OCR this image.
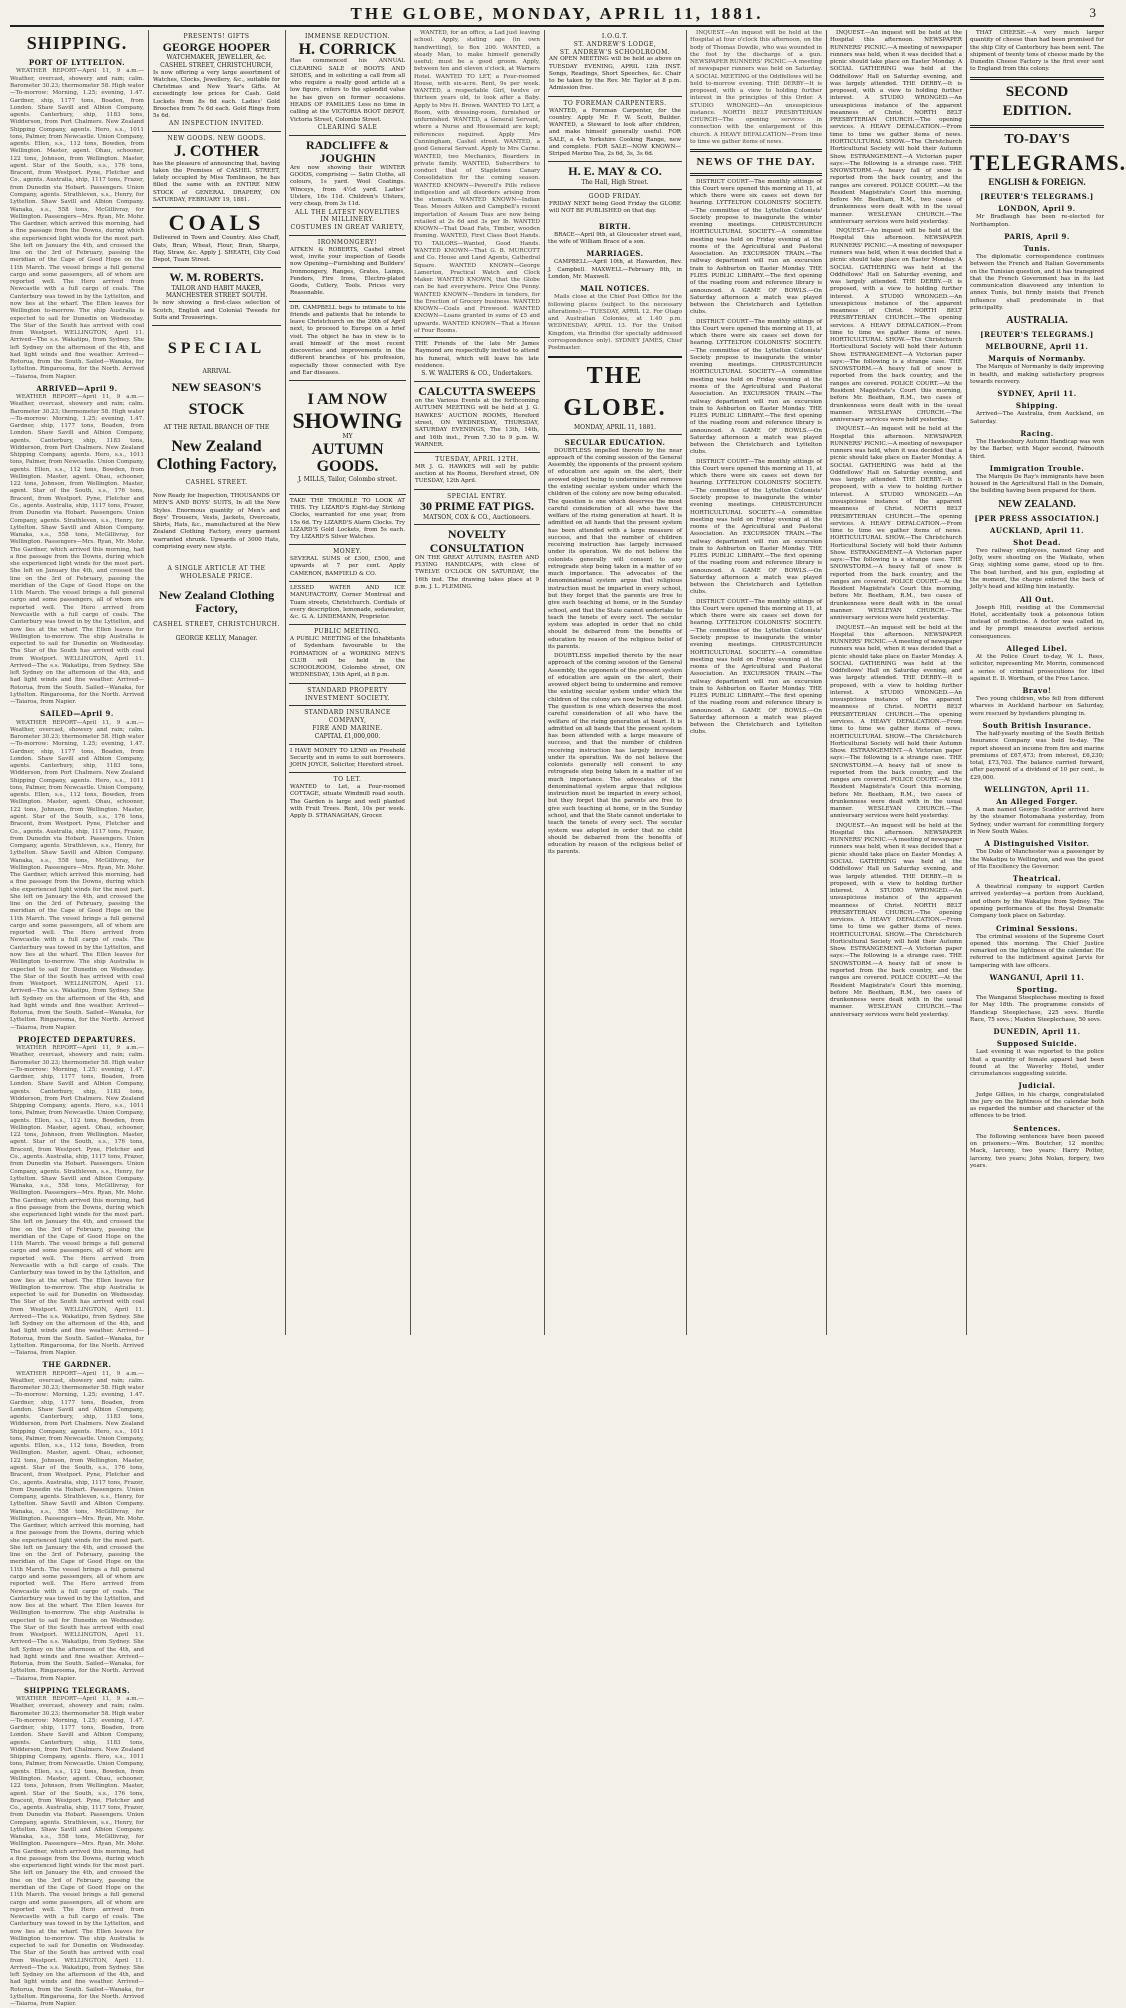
THE GLOBE, MONDAY, APRIL 11, 1881.	3
SHIPPING.
PORT OF LYTTELTON.
WEATHER REPORT—April 11, 9 a.m.—Weather, overcast, showery and rain; calm. Barometer 30.23; thermometer 58. High water—To-morrow: Morning, 1.25; evening, 1.47. Gardner, ship, 1177 tons, Boaden, from London. Shaw Savill and Albion Company, agents. Canterbury, ship, 1183 tons, Widderson, from Port Chalmers. New Zealand Shipping Company, agents. Hero, s.s., 1011 tons, Palmer, from Newcastle. Union Company, agents. Ellen, s.s., 112 tons, Bowden, from Wellington. Master, agent. Ohau, schooner, 122 tons, Johnson, from Wellington. Master, agent. Star of the South, s.s., 176 tons, Bracent, from Westport. Pyne, Fletcher and Co., agents. Australia, ship, 1117 tons, Frazer, from Dunedin via Hobart. Passengers. Union Company, agents. Strathleven, s.s., Henry, for Lyttelton. Shaw Savill and Albion Company. Wanaka, s.s., 558 tons, McGillivray, for Wellington. Passengers—Mrs. Ryan, Mr. Mohr. The Gardner, which arrived this morning, had a fine passage from the Downs, during which she experienced light winds for the most part. She left on January the 4th, and crossed the line on the 3rd of February, passing the meridian of the Cape of Good Hope on the 11th March. The vessel brings a full general cargo and some passengers, all of whom are reported well. The Hero arrived from Newcastle with a full cargo of coals. The Canterbury was towed in by the Lyttelton, and now lies at the wharf. The Ellen leaves for Wellington to-morrow. The ship Australia is expected to sail for Dunedin on Wednesday. The Star of the South has arrived with coal from Westport. WELLINGTON, April 11. Arrived—The s.s. Wakatipu, from Sydney. She left Sydney on the afternoon of the 4th, and had light winds and fine weather. Arrived—Rotorua, from the South. Sailed—Wanaka, for Lyttelton. Ringarooma, for the North. Arrived—Taiaroa, from Napier.
ARRIVED—April 9.
WEATHER REPORT—April 11, 9 a.m.—Weather, overcast, showery and rain; calm. Barometer 30.23; thermometer 58. High water—To-morrow: Morning, 1.25; evening, 1.47. Gardner, ship, 1177 tons, Boaden, from London. Shaw Savill and Albion Company, agents. Canterbury, ship, 1183 tons, Widderson, from Port Chalmers. New Zealand Shipping Company, agents. Hero, s.s., 1011 tons, Palmer, from Newcastle. Union Company, agents. Ellen, s.s., 112 tons, Bowden, from Wellington. Master, agent. Ohau, schooner, 122 tons, Johnson, from Wellington. Master, agent. Star of the South, s.s., 176 tons, Bracent, from Westport. Pyne, Fletcher and Co., agents. Australia, ship, 1117 tons, Frazer, from Dunedin via Hobart. Passengers. Union Company, agents. Strathleven, s.s., Henry, for Lyttelton. Shaw Savill and Albion Company. Wanaka, s.s., 558 tons, McGillivray, for Wellington. Passengers—Mrs. Ryan, Mr. Mohr. The Gardner, which arrived this morning, had a fine passage from the Downs, during which she experienced light winds for the most part. She left on January the 4th, and crossed the line on the 3rd of February, passing the meridian of the Cape of Good Hope on the 11th March. The vessel brings a full general cargo and some passengers, all of whom are reported well. The Hero arrived from Newcastle with a full cargo of coals. The Canterbury was towed in by the Lyttelton, and now lies at the wharf. The Ellen leaves for Wellington to-morrow. The ship Australia is expected to sail for Dunedin on Wednesday. The Star of the South has arrived with coal from Westport. WELLINGTON, April 11. Arrived—The s.s. Wakatipu, from Sydney. She left Sydney on the afternoon of the 4th, and had light winds and fine weather. Arrived—Rotorua, from the South. Sailed—Wanaka, for Lyttelton. Ringarooma, for the North. Arrived—Taiaroa, from Napier.
SAILED—April 9.
WEATHER REPORT—April 11, 9 a.m.—Weather, overcast, showery and rain; calm. Barometer 30.23; thermometer 58. High water—To-morrow: Morning, 1.25; evening, 1.47. Gardner, ship, 1177 tons, Boaden, from London. Shaw Savill and Albion Company, agents. Canterbury, ship, 1183 tons, Widderson, from Port Chalmers. New Zealand Shipping Company, agents. Hero, s.s., 1011 tons, Palmer, from Newcastle. Union Company, agents. Ellen, s.s., 112 tons, Bowden, from Wellington. Master, agent. Ohau, schooner, 122 tons, Johnson, from Wellington. Master, agent. Star of the South, s.s., 176 tons, Bracent, from Westport. Pyne, Fletcher and Co., agents. Australia, ship, 1117 tons, Frazer, from Dunedin via Hobart. Passengers. Union Company, agents. Strathleven, s.s., Henry, for Lyttelton. Shaw Savill and Albion Company. Wanaka, s.s., 558 tons, McGillivray, for Wellington. Passengers—Mrs. Ryan, Mr. Mohr. The Gardner, which arrived this morning, had a fine passage from the Downs, during which she experienced light winds for the most part. She left on January the 4th, and crossed the line on the 3rd of February, passing the meridian of the Cape of Good Hope on the 11th March. The vessel brings a full general cargo and some passengers, all of whom are reported well. The Hero arrived from Newcastle with a full cargo of coals. The Canterbury was towed in by the Lyttelton, and now lies at the wharf. The Ellen leaves for Wellington to-morrow. The ship Australia is expected to sail for Dunedin on Wednesday. The Star of the South has arrived with coal from Westport. WELLINGTON, April 11. Arrived—The s.s. Wakatipu, from Sydney. She left Sydney on the afternoon of the 4th, and had light winds and fine weather. Arrived—Rotorua, from the South. Sailed—Wanaka, for Lyttelton. Ringarooma, for the North. Arrived—Taiaroa, from Napier.
PROJECTED DEPARTURES.
WEATHER REPORT—April 11, 9 a.m.—Weather, overcast, showery and rain; calm. Barometer 30.23; thermometer 58. High water—To-morrow: Morning, 1.25; evening, 1.47. Gardner, ship, 1177 tons, Boaden, from London. Shaw Savill and Albion Company, agents. Canterbury, ship, 1183 tons, Widderson, from Port Chalmers. New Zealand Shipping Company, agents. Hero, s.s., 1011 tons, Palmer, from Newcastle. Union Company, agents. Ellen, s.s., 112 tons, Bowden, from Wellington. Master, agent. Ohau, schooner, 122 tons, Johnson, from Wellington. Master, agent. Star of the South, s.s., 176 tons, Bracent, from Westport. Pyne, Fletcher and Co., agents. Australia, ship, 1117 tons, Frazer, from Dunedin via Hobart. Passengers. Union Company, agents. Strathleven, s.s., Henry, for Lyttelton. Shaw Savill and Albion Company. Wanaka, s.s., 558 tons, McGillivray, for Wellington. Passengers—Mrs. Ryan, Mr. Mohr. The Gardner, which arrived this morning, had a fine passage from the Downs, during which she experienced light winds for the most part. She left on January the 4th, and crossed the line on the 3rd of February, passing the meridian of the Cape of Good Hope on the 11th March. The vessel brings a full general cargo and some passengers, all of whom are reported well. The Hero arrived from Newcastle with a full cargo of coals. The Canterbury was towed in by the Lyttelton, and now lies at the wharf. The Ellen leaves for Wellington to-morrow. The ship Australia is expected to sail for Dunedin on Wednesday. The Star of the South has arrived with coal from Westport. WELLINGTON, April 11. Arrived—The s.s. Wakatipu, from Sydney. She left Sydney on the afternoon of the 4th, and had light winds and fine weather. Arrived—Rotorua, from the South. Sailed—Wanaka, for Lyttelton. Ringarooma, for the North. Arrived—Taiaroa, from Napier.
THE GARDNER.
WEATHER REPORT—April 11, 9 a.m.—Weather, overcast, showery and rain; calm. Barometer 30.23; thermometer 58. High water—To-morrow: Morning, 1.25; evening, 1.47. Gardner, ship, 1177 tons, Boaden, from London. Shaw Savill and Albion Company, agents. Canterbury, ship, 1183 tons, Widderson, from Port Chalmers. New Zealand Shipping Company, agents. Hero, s.s., 1011 tons, Palmer, from Newcastle. Union Company, agents. Ellen, s.s., 112 tons, Bowden, from Wellington. Master, agent. Ohau, schooner, 122 tons, Johnson, from Wellington. Master, agent. Star of the South, s.s., 176 tons, Bracent, from Westport. Pyne, Fletcher and Co., agents. Australia, ship, 1117 tons, Frazer, from Dunedin via Hobart. Passengers. Union Company, agents. Strathleven, s.s., Henry, for Lyttelton. Shaw Savill and Albion Company. Wanaka, s.s., 558 tons, McGillivray, for Wellington. Passengers—Mrs. Ryan, Mr. Mohr. The Gardner, which arrived this morning, had a fine passage from the Downs, during which she experienced light winds for the most part. She left on January the 4th, and crossed the line on the 3rd of February, passing the meridian of the Cape of Good Hope on the 11th March. The vessel brings a full general cargo and some passengers, all of whom are reported well. The Hero arrived from Newcastle with a full cargo of coals. The Canterbury was towed in by the Lyttelton, and now lies at the wharf. The Ellen leaves for Wellington to-morrow. The ship Australia is expected to sail for Dunedin on Wednesday. The Star of the South has arrived with coal from Westport. WELLINGTON, April 11. Arrived—The s.s. Wakatipu, from Sydney. She left Sydney on the afternoon of the 4th, and had light winds and fine weather. Arrived—Rotorua, from the South. Sailed—Wanaka, for Lyttelton. Ringarooma, for the North. Arrived—Taiaroa, from Napier.
SHIPPING TELEGRAMS.
WEATHER REPORT—April 11, 9 a.m.—Weather, overcast, showery and rain; calm. Barometer 30.23; thermometer 58. High water—To-morrow: Morning, 1.25; evening, 1.47. Gardner, ship, 1177 tons, Boaden, from London. Shaw Savill and Albion Company, agents. Canterbury, ship, 1183 tons, Widderson, from Port Chalmers. New Zealand Shipping Company, agents. Hero, s.s., 1011 tons, Palmer, from Newcastle. Union Company, agents. Ellen, s.s., 112 tons, Bowden, from Wellington. Master, agent. Ohau, schooner, 122 tons, Johnson, from Wellington. Master, agent. Star of the South, s.s., 176 tons, Bracent, from Westport. Pyne, Fletcher and Co., agents. Australia, ship, 1117 tons, Frazer, from Dunedin via Hobart. Passengers. Union Company, agents. Strathleven, s.s., Henry, for Lyttelton. Shaw Savill and Albion Company. Wanaka, s.s., 558 tons, McGillivray, for Wellington. Passengers—Mrs. Ryan, Mr. Mohr. The Gardner, which arrived this morning, had a fine passage from the Downs, during which she experienced light winds for the most part. She left on January the 4th, and crossed the line on the 3rd of February, passing the meridian of the Cape of Good Hope on the 11th March. The vessel brings a full general cargo and some passengers, all of whom are reported well. The Hero arrived from Newcastle with a full cargo of coals. The Canterbury was towed in by the Lyttelton, and now lies at the wharf. The Ellen leaves for Wellington to-morrow. The ship Australia is expected to sail for Dunedin on Wednesday. The Star of the South has arrived with coal from Westport. WELLINGTON, April 11. Arrived—The s.s. Wakatipu, from Sydney. She left Sydney on the afternoon of the 4th, and had light winds and fine weather. Arrived—Rotorua, from the South. Sailed—Wanaka, for Lyttelton. Ringarooma, for the North. Arrived—Taiaroa, from Napier.
PRESENTS! GIFTS
GEORGE HOOPER
WATCHMAKER, JEWELLER, &c.
CASHEL STREET, CHRISTCHURCH,
Is now offering a very large assortment of Watches, Clocks, Jewellery, &c., suitable for Christmas and New Year's Gifts. At exceedingly low prices for Cash. Gold Lockets from 8s 6d each. Ladies' Gold Brooches from 7s 6d each. Gold Rings from 5s 6d.
AN INSPECTION INVITED.
NEW GOODS. NEW GOODS.
J. COTHER
has the pleasure of announcing that, having taken the Premises of CASHEL STREET, lately occupied by Miss Tomlinson, he has filled the same with an ENTIRE NEW STOCK of GENERAL DRAPERY, ON SATURDAY, FEBRUARY 19, 1881.
COALS
Delivered in Town and Country. Also Chaff, Oats, Bran, Wheat, Flour, Bran, Sharps, Hay, Straw, &c. Apply J. SHEATH, City Coal Depot, Tuam Street.
W. M. ROBERTS.
TAILOR AND HABIT MAKER, MANCHESTER STREET SOUTH.
Is now showing a first-class selection of Scotch, English and Colonial Tweeds for Suits and Trouserings.
SPECIAL
ARRIVAL
NEW SEASON'S
STOCK
AT THE RETAIL BRANCH OF THE
New Zealand
Clothing Factory,
CASHEL STREET.
Now Ready for Inspection, THOUSANDS OF MEN'S AND BOYS' SUITS, In all the New Styles. Enormous quantity of Men's and Boys' Trousers, Vests, Jackets, Overcoats, Shirts, Hats, &c., manufactured at the New Zealand Clothing Factory, every garment warranted shrunk. Upwards of 3000 Hats, comprising every new style.
A SINGLE ARTICLE AT THE WHOLESALE PRICE.
New Zealand Clothing
Factory,
CASHEL STREET, CHRISTCHURCH.
GEORGE KELLY, Manager.
IMMENSE REDUCTION.
H. CORRICK
Has commenced his ANNUAL CLEARING SALE of BOOTS AND SHOES, and in soliciting a call from all who require a really good article at a low figure, refers to the splendid value he has given on former occasions. HEADS OF FAMILIES Less no time in calling at the VICTORIA BOOT DEPOT, Victoria Street, Colombo Street.
CLEARING SALE
RADCLIFFE & JOUGHIN
Are now showing their WINTER GOODS, comprising — Satin Cloths, all colours, 1s yard. Wool Coatings. Winceys, from 4½d yard. Ladies' Ulsters, 16s 11d. Children's Ulsters, very cheap, from 3s 11d.
ALL THE LATEST NOVELTIES IN MILLINERY.
COSTUMES IN GREAT VARIETY,
IRONMONGERY!
AITKEN & ROBERTS, Cashel street west, invite your inspection of Goods now Opening—Furnishing and Builders' Ironmongery, Ranges, Grates, Lamps, Fenders, Fire Irons, Electro-plated Goods, Cutlery, Tools. Prices very Reasonable.
DR. CAMPBELL begs to intimate to his friends and patients that he intends to leave Christchurch on the 20th of April next, to proceed to Europe on a brief visit. The object he has in view is to avail himself of the most recent discoveries and improvements in the different branches of his profession, especially those connected with Eye and Ear diseases.
I AM NOW
SHOWING
MY
AUTUMN GOODS.
J. MILLS, Tailor, Colombo street.
TAKE THE TROUBLE TO LOOK AT THIS. Try LIZARD'S Eight-day Striking Clocks, warranted for one year, from 15s 6d. Try LIZARD'S Alarm Clocks. Try LIZARD'S Gold Lockets, from 5s each. Try LIZARD'S Silver Watches.
MONEY.
SEVERAL SUMS of £300, £500, and upwards at 7 per cent. Apply CAMERON, BAMFIELD & CO.
LESSED WATER AND ICE MANUFACTORY, Corner Montreal and Tuam streets, Christchurch. Cordials of every description, lemonade, sodawater, &c. G. A. LINDEMANN, Proprietor.
PUBLIC MEETING.
A PUBLIC MEETING of the Inhabitants of Sydenham favourable to the FORMATION of a WORKING MEN'S CLUB will be held in the SCHOOLROOM, Colombo street, ON WEDNESDAY, 13th April, at 8 p.m.
STANDARD PROPERTY INVESTMENT SOCIETY.
STANDARD INSURANCE COMPANY,
FIRE AND MARINE.
CAPITAL £1,000,000.
I HAVE MONEY TO LEND on Freehold Security and in sums to suit borrowers. JOHN JOYCE, Solicitor, Hereford street.
TO LET.
WANTED to Let, a Four-roomed COTTAGE, situate Windmill road south. The Garden is large and well planted with Fruit Trees. Rent, 10s per week. Apply D. STRANAGHAN, Grocer.
WANTED, for an office, a Lad just leaving school. Apply, stating age (in own handwriting), to Box 200. WANTED, a steady Man, to make himself generally useful; must be a good groom. Apply, between ten and eleven o'clock, at Warners Hotel. WANTED TO LET, a Four-roomed House, with six-acre. Rent, 9s per week. WANTED, a respectable Girl, twelve or thirteen years old, to look after a Baby. Apply to Mrs H. Brown. WANTED TO LET, a Room, with dressing-room, furnished or unfurnished. WANTED, a General Servant, where a Nurse and Housemaid are kept; references required. Apply Mrs Cunningham, Cashel street. WANTED, a good General Servant. Apply to Mrs Carne. WANTED, two Mechanics, Boarders in private family. WANTED, Subscribers to conduct that of Stapletons Canary Consolidation for the coming season. WANTED KNOWN—Peverell's Pills relieve indigestion and all disorders arising from the stomach. WANTED KNOWN—Indian Teas. Messrs Aitken and Campbell's recent importation of Assam Teas are now being retailed at 2s 6d and 3s per lb. WANTED KNOWN—That Dead Fats, Timber, wooden framing. WANTED, First Class Boot Hands. TO TAILORS—Wanted, Good Hands. WANTED KNOWN—That G. B. MURCOTT and Co. House and Land Agents, Cathedral Square. WANTED KNOWN—George Lamerton, Practical Watch and Clock Maker. WANTED KNOWN, that the Globe can be had everywhere. Price One Penny. WANTED KNOWN—Tenders in tenders, for the Erection of Grocery business. WANTED KNOWN—Coals and Firewood. WANTED KNOWN—Loans granted in sums of £5 and upwards. WANTED KNOWN—That a House of Four Rooms.
THE Friends of the late Mr James Raymond are respectfully invited to attend his funeral, which will leave his late residence.
S. W. WALTERS & CO., Undertakers.
CALCUTTA SWEEPS
on the Various Events at the forthcoming AUTUMN MEETING will be held at J. G. HAWKES' AUCTION ROOMS, Hereford street, ON WEDNESDAY, THURSDAY, SATURDAY EVENINGS, The 13th, 14th, and 16th inst., From 7.30 to 9 p.m. W. WARNER.
TUESDAY, APRIL 12TH.
MR J. G. HAWKES will sell by public auction at his Rooms, Hereford street, ON TUESDAY, 12th April.
SPECIAL ENTRY.
30 PRIME FAT PIGS.
MATSON, COX & CO., Auctioneers.
NOVELTY CONSULTATION
ON THE GREAT AUTUMN, EASTER AND FLYING HANDICAPS, with close of TWELVE O'CLOCK ON SATURDAY, the 16th inst. The drawing takes place at 9 p.m. J. L. FLEMING.
I.O.G.T.
ST. ANDREW'S LODGE,
ST. ANDREW'S SCHOOLROOM.
AN OPEN MEETING will be held as above on TUESDAY EVENING, APRIL 12th INST. Songs, Readings, Short Speeches, &c. Chair to be taken by the Rev. Mr. Taylor at 8 p.m. Admission free.
TO FOREMAN CARPENTERS.
WANTED, a Foreman Carpenter, for the country. Apply Mr. F. W. Scott, Builder. WANTED, a Steward to look after children, and make himself generally useful. FOR SALE, a 4-h Yorkshire Cooking Range, new and complete. FOR SALE—NOW KNOWN—Striped Merino Tea, 2s 6d, 3s, 3s 6d.
H. E. MAY & CO.
The Hall, High Street.
GOOD FRIDAY.
FRIDAY NEXT being Good Friday the GLOBE will NOT BE PUBLISHED on that day.
BIRTH.
BRACE—April 9th, at Gloucester street east, the wife of William Brace of a son.
MARRIAGES.
CAMPBELL—April 10th, at Hawarden, Rev. J. Campbell. MAXWELL—February 8th, in London, Mr. Maxwell.
MAIL NOTICES.
Mails close at the Chief Post Office for the following places (subject to the necessary alterations):— TUESDAY, APRIL 12. For Otago and Australian Colonies, at 1.40 p.m. WEDNESDAY, APRIL 13. For the United Kingdom, via Brindisi (for specially addressed correspondence only). SYDNEY JAMES, Chief Postmaster.
THE GLOBE.
MONDAY, APRIL 11, 1881.
SECULAR EDUCATION.
DOUBTLESS impelled thereto by the near approach of the coming session of the General Assembly, the opponents of the present system of education are again on the alert, their avowed object being to undermine and remove the existing secular system under which the children of the colony are now being educated. The question is one which deserves the most careful consideration of all who have the welfare of the rising generation at heart. It is admitted on all hands that the present system has been attended with a large measure of success, and that the number of children receiving instruction has largely increased under its operation. We do not believe the colonists generally will consent to any retrograde step being taken in a matter of so much importance. The advocates of the denominational system argue that religious instruction must be imparted in every school, but they forget that the parents are free to give such teaching at home, or in the Sunday school, and that the State cannot undertake to teach the tenets of every sect. The secular system was adopted in order that no child should be debarred from the benefits of education by reason of the religious belief of its parents.
DOUBTLESS impelled thereto by the near approach of the coming session of the General Assembly, the opponents of the present system of education are again on the alert, their avowed object being to undermine and remove the existing secular system under which the children of the colony are now being educated. The question is one which deserves the most careful consideration of all who have the welfare of the rising generation at heart. It is admitted on all hands that the present system has been attended with a large measure of success, and that the number of children receiving instruction has largely increased under its operation. We do not believe the colonists generally will consent to any retrograde step being taken in a matter of so much importance. The advocates of the denominational system argue that religious instruction must be imparted in every school, but they forget that the parents are free to give such teaching at home, or in the Sunday school, and that the State cannot undertake to teach the tenets of every sect. The secular system was adopted in order that no child should be debarred from the benefits of education by reason of the religious belief of its parents.
INQUEST.—An inquest will be held at the Hospital at four o'clock this afternoon, on the body of Thomas Dowdle, who was wounded in the foot by the discharge of a gun. NEWSPAPER RUNNERS' PICNIC.—A meeting of newspaper runners was held on Saturday. A SOCIAL MEETING of the Oddfellows will be held to-morrow evening. THE DERBY—It is proposed, with a view to holding further interest in the principles of this Order. A STUDIO WRONGED—An unsuspicious instance. NORTH BELT PRESBYTERIAN CHURCH—The opening services in connection with the enlargement of this church. A HEAVY DEFALCATION—From time to time we gather items of news.
NEWS OF THE DAY.
DISTRICT COURT—The monthly sittings of this Court were opened this morning at 11, at which there were six cases set down for hearing. LYTTELTON COLONISTS' SOCIETY.—The committee of the Lyttelton Colonists' Society propose to inaugurate the winter evening meetings. CHRISTCHURCH HORTICULTURAL SOCIETY.—A committee meeting was held on Friday evening at the rooms of the Agricultural and Pastoral Association. An EXCURSION TRAIN.—The railway department will run an excursion train to Ashburton on Easter Monday. THE FLIES PUBLIC LIBRARY.—The first opening of the reading room and reference library is announced. A GAME OF BOWLS.—On Saturday afternoon a match was played between the Christchurch and Lyttelton clubs.
DISTRICT COURT—The monthly sittings of this Court were opened this morning at 11, at which there were six cases set down for hearing. LYTTELTON COLONISTS' SOCIETY.—The committee of the Lyttelton Colonists' Society propose to inaugurate the winter evening meetings. CHRISTCHURCH HORTICULTURAL SOCIETY.—A committee meeting was held on Friday evening at the rooms of the Agricultural and Pastoral Association. An EXCURSION TRAIN.—The railway department will run an excursion train to Ashburton on Easter Monday. THE FLIES PUBLIC LIBRARY.—The first opening of the reading room and reference library is announced. A GAME OF BOWLS.—On Saturday afternoon a match was played between the Christchurch and Lyttelton clubs.
DISTRICT COURT—The monthly sittings of this Court were opened this morning at 11, at which there were six cases set down for hearing. LYTTELTON COLONISTS' SOCIETY.—The committee of the Lyttelton Colonists' Society propose to inaugurate the winter evening meetings. CHRISTCHURCH HORTICULTURAL SOCIETY.—A committee meeting was held on Friday evening at the rooms of the Agricultural and Pastoral Association. An EXCURSION TRAIN.—The railway department will run an excursion train to Ashburton on Easter Monday. THE FLIES PUBLIC LIBRARY.—The first opening of the reading room and reference library is announced. A GAME OF BOWLS.—On Saturday afternoon a match was played between the Christchurch and Lyttelton clubs.
DISTRICT COURT—The monthly sittings of this Court were opened this morning at 11, at which there were six cases set down for hearing. LYTTELTON COLONISTS' SOCIETY.—The committee of the Lyttelton Colonists' Society propose to inaugurate the winter evening meetings. CHRISTCHURCH HORTICULTURAL SOCIETY.—A committee meeting was held on Friday evening at the rooms of the Agricultural and Pastoral Association. An EXCURSION TRAIN.—The railway department will run an excursion train to Ashburton on Easter Monday. THE FLIES PUBLIC LIBRARY.—The first opening of the reading room and reference library is announced. A GAME OF BOWLS.—On Saturday afternoon a match was played between the Christchurch and Lyttelton clubs.
INQUEST.—An inquest will be held at the Hospital this afternoon. NEWSPAPER RUNNERS' PICNIC.—A meeting of newspaper runners was held, when it was decided that a picnic should take place on Easter Monday. A SOCIAL GATHERING was held at the Oddfellows' Hall on Saturday evening, and was largely attended. THE DERBY.—It is proposed, with a view to holding further interest. A STUDIO WRONGED.—An unsuspicious instance of the apparent meanness of Christ. NORTH BELT PRESBYTERIAN CHURCH.—The opening services. A HEAVY DEFALCATION.—From time to time we gather items of news. HORTICULTURAL SHOW.—The Christchurch Horticultural Society will hold their Autumn Show. ESTRANGEMENT.—A Victorian paper says:—The following is a strange case. THE SNOWSTORM.—A heavy fall of snow is reported from the back country, and the ranges are covered. POLICE COURT.—At the Resident Magistrate's Court this morning, before Mr. Beetham, R.M., two cases of drunkenness were dealt with in the usual manner. WESLEYAN CHURCH.—The anniversary services were held yesterday.
INQUEST.—An inquest will be held at the Hospital this afternoon. NEWSPAPER RUNNERS' PICNIC.—A meeting of newspaper runners was held, when it was decided that a picnic should take place on Easter Monday. A SOCIAL GATHERING was held at the Oddfellows' Hall on Saturday evening, and was largely attended. THE DERBY.—It is proposed, with a view to holding further interest. A STUDIO WRONGED.—An unsuspicious instance of the apparent meanness of Christ. NORTH BELT PRESBYTERIAN CHURCH.—The opening services. A HEAVY DEFALCATION.—From time to time we gather items of news. HORTICULTURAL SHOW.—The Christchurch Horticultural Society will hold their Autumn Show. ESTRANGEMENT.—A Victorian paper says:—The following is a strange case. THE SNOWSTORM.—A heavy fall of snow is reported from the back country, and the ranges are covered. POLICE COURT.—At the Resident Magistrate's Court this morning, before Mr. Beetham, R.M., two cases of drunkenness were dealt with in the usual manner. WESLEYAN CHURCH.—The anniversary services were held yesterday.
INQUEST.—An inquest will be held at the Hospital this afternoon. NEWSPAPER RUNNERS' PICNIC.—A meeting of newspaper runners was held, when it was decided that a picnic should take place on Easter Monday. A SOCIAL GATHERING was held at the Oddfellows' Hall on Saturday evening, and was largely attended. THE DERBY.—It is proposed, with a view to holding further interest. A STUDIO WRONGED.—An unsuspicious instance of the apparent meanness of Christ. NORTH BELT PRESBYTERIAN CHURCH.—The opening services. A HEAVY DEFALCATION.—From time to time we gather items of news. HORTICULTURAL SHOW.—The Christchurch Horticultural Society will hold their Autumn Show. ESTRANGEMENT.—A Victorian paper says:—The following is a strange case. THE SNOWSTORM.—A heavy fall of snow is reported from the back country, and the ranges are covered. POLICE COURT.—At the Resident Magistrate's Court this morning, before Mr. Beetham, R.M., two cases of drunkenness were dealt with in the usual manner. WESLEYAN CHURCH.—The anniversary services were held yesterday.
INQUEST.—An inquest will be held at the Hospital this afternoon. NEWSPAPER RUNNERS' PICNIC.—A meeting of newspaper runners was held, when it was decided that a picnic should take place on Easter Monday. A SOCIAL GATHERING was held at the Oddfellows' Hall on Saturday evening, and was largely attended. THE DERBY.—It is proposed, with a view to holding further interest. A STUDIO WRONGED.—An unsuspicious instance of the apparent meanness of Christ. NORTH BELT PRESBYTERIAN CHURCH.—The opening services. A HEAVY DEFALCATION.—From time to time we gather items of news. HORTICULTURAL SHOW.—The Christchurch Horticultural Society will hold their Autumn Show. ESTRANGEMENT.—A Victorian paper says:—The following is a strange case. THE SNOWSTORM.—A heavy fall of snow is reported from the back country, and the ranges are covered. POLICE COURT.—At the Resident Magistrate's Court this morning, before Mr. Beetham, R.M., two cases of drunkenness were dealt with in the usual manner. WESLEYAN CHURCH.—The anniversary services were held yesterday.
INQUEST.—An inquest will be held at the Hospital this afternoon. NEWSPAPER RUNNERS' PICNIC.—A meeting of newspaper runners was held, when it was decided that a picnic should take place on Easter Monday. A SOCIAL GATHERING was held at the Oddfellows' Hall on Saturday evening, and was largely attended. THE DERBY.—It is proposed, with a view to holding further interest. A STUDIO WRONGED.—An unsuspicious instance of the apparent meanness of Christ. NORTH BELT PRESBYTERIAN CHURCH.—The opening services. A HEAVY DEFALCATION.—From time to time we gather items of news. HORTICULTURAL SHOW.—The Christchurch Horticultural Society will hold their Autumn Show. ESTRANGEMENT.—A Victorian paper says:—The following is a strange case. THE SNOWSTORM.—A heavy fall of snow is reported from the back country, and the ranges are covered. POLICE COURT.—At the Resident Magistrate's Court this morning, before Mr. Beetham, R.M., two cases of drunkenness were dealt with in the usual manner. WESLEYAN CHURCH.—The anniversary services were held yesterday.
THAT CHEESE.—A very much larger quantity of cheese than had been promised for the ship City of Canterbury has been sent. The shipment of twenty tons of cheese made by the Dunedin Cheese Factory is the first ever sent to England from this colony.
SECOND EDITION.
TO-DAY'S
TELEGRAMS.
ENGLISH & FOREIGN.
[REUTER'S TELEGRAMS.]
LONDON, April 9.
Mr Bradlaugh has been re-elected for Northampton.
PARIS, April 9.
Tunis.
The diplomatic correspondence continues between the French and Italian Governments on the Tunisian question, and it has transpired that the French Government has in its last communication disavowed any intention to annex Tunis, but firmly insists that French influence shall predominate in that principality.
AUSTRALIA.
[REUTER'S TELEGRAMS.]
MELBOURNE, April 11.
Marquis of Normanby.
The Marquis of Normanby is daily improving in health, and making satisfactory progress towards recovery.
SYDNEY, April 11.
Shipping.
Arrived—The Australia, from Auckland, on Saturday.
Racing.
The Hawkesbury Autumn Handicap was won by the Barber, with Major second, Falmouth third.
Immigration Trouble.
The Marquis De Ray's immigrants have been housed in the Agricultural Hall in the Domain, the building having been prepared for them.
NEW ZEALAND.
[PER PRESS ASSOCIATION.]
AUCKLAND, April 11.
Shot Dead.
Two railway employees, named Gray and Jolly, were shooting on the Waikato, when Gray, sighting some game, stood up to fire. The boat lurched, and his gun, exploding at the moment, the charge entered the back of Jolly's head and killing him instantly.
All Out.
Joseph Hill, residing at the Commercial Hotel, accidentally took a poisonous lotion instead of medicine. A doctor was called in, and by prompt measures averted serious consequences.
Alleged Libel.
At the Police Court to-day, W. L. Rees, solicitor, representing Mr. Morrin, commenced a series of criminal prosecutions for libel against E. D. Wortham, of the Free Lance.
Bravo!
Two young children, who fell from different wharves in Auckland harbour on Saturday, were rescued by bystanders plunging in.
South British Insurance.
The half-yearly meeting of the South British Insurance Company was held to-day. The report showed an income from fire and marine premiums of £67,473; from interest, £6,230; total, £73,703. The balance carried forward, after payment of a dividend of 10 per cent., is £29,000.
WELLINGTON, April 11.
An Alleged Forger.
A man named George Scaddor arrived here by the steamer Rotomahana yesterday, from Sydney, under warrant for committing forgery in New South Wales.
A Distinguished Visitor.
The Duke of Manchester was a passenger by the Wakatipu to Wellington, and was the guest of His Excellency the Governor.
Theatrical.
A theatrical company to support Carden arrived yesterday—a portion from Auckland, and others by the Wakatipu from Sydney. The opening performance of the Royal Dramatic Company took place on Saturday.
Criminal Sessions.
The criminal sessions of the Supreme Court opened this morning. The Chief Justice remarked on the lightness of the calendar. He referred to the indictment against Jarvis for tampering with law officers.
WANGANUI, April 11.
Sporting.
The Wanganui Steeplechase meeting is fixed for May 18th. The programme consists of Handicap Steeplechase, 225 sovs. Hurdle Race, 75 sovs.; Maiden Steeplechase, 50 sovs.
DUNEDIN, April 11.
Supposed Suicide.
Last evening it was reported to the police that a quantity of female apparel had been found at the Waverley Hotel, under circumstances suggesting suicide.
Judicial.
Judge Gillies, in his charge, congratulated the jury on the lightness of the calendar both as regarded the number and character of the offences to be tried.
Sentences.
The following sentences have been passed on prisoners:—Wm. Boutcher, 12 months; Mack, larceny, two years; Harry Potter, larceny, two years; John Nolan, forgery, two years.
